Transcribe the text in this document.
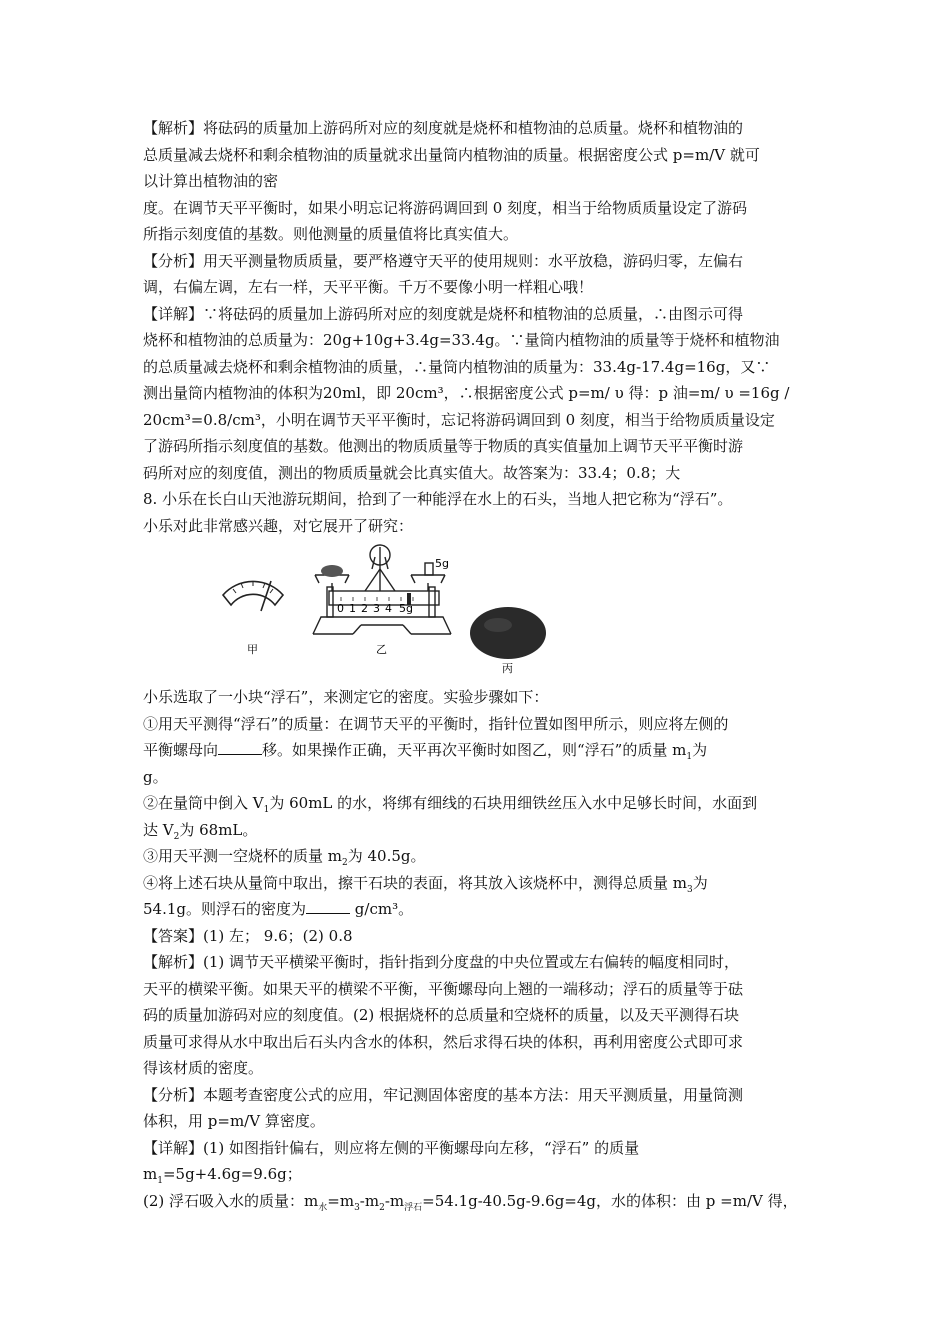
【解析】将砝码的质量加上游码所对应的刻度就是烧杯和植物油的总质量。烧杯和植物油的
总质量减去烧杯和剩余植物油的质量就求出量筒内植物油的质量。根据密度公式 p=m/V 就可
以计算出植物油的密
度。在调节天平平衡时，如果小明忘记将游码调回到 0 刻度，相当于给物质质量设定了游码
所指示刻度值的基数。则他测量的质量值将比真实值大。
【分析】用天平测量物质质量，要严格遵守天平的使用规则：水平放稳，游码归零，左偏右
调，右偏左调，左右一样，天平平衡。千万不要像小明一样粗心哦！
【详解】∵将砝码的质量加上游码所对应的刻度就是烧杯和植物油的总质量，∴由图示可得
烧杯和植物油的总质量为：20g+10g+3.4g=33.4g。∵量筒内植物油的质量等于烧杯和植物油
的总质量减去烧杯和剩余植物油的质量，∴量筒内植物油的质量为：33.4g-17.4g=16g，又∵
测出量筒内植物油的体积为20ml，即 20cm³，∴根据密度公式 p=m/ υ 得：p 油=m/ υ =16g /
20cm³=0.8/cm³，小明在调节天平平衡时，忘记将游码调回到 0 刻度，相当于给物质质量设定
了游码所指示刻度值的基数。他测出的物质质量等于物质的真实值量加上调节天平平衡时游
码所对应的刻度值，测出的物质质量就会比真实值大。故答案为：33.4；0.8；大
8. 小乐在长白山天池游玩期间，拾到了一种能浮在水上的石头，当地人把它称为“浮石”。
小乐对此非常感兴趣，对它展开了研究：
甲
0 1 2 3 4 5g
5g
乙
丙
小乐选取了一小块“浮石”，来测定它的密度。实验步骤如下：
①用天平测得“浮石”的质量：在调节天平的平衡时，指针位置如图甲所示，则应将左侧的
平衡螺母向	移。如果操作正确，天平再次平衡时如图乙，则“浮石”的质量 $m_1$为
g。
②在量筒中倒入 $V_1$为 60mL 的水，将绑有细线的石块用细铁丝压入水中足够长时间，水面到
达 $V_2$为 68mL。
③用天平测一空烧杯的质量 $m_2$为 40.5g。
④将上述石块从量筒中取出，擦干石块的表面，将其放入该烧杯中，测得总质量 $m_3$为
54.1g。则浮石的密度为	g/cm³。
【答案】(1) 左； 9.6；(2) 0.8
【解析】(1) 调节天平横梁平衡时，指针指到分度盘的中央位置或左右偏转的幅度相同时，
天平的横梁平衡。如果天平的横梁不平衡，平衡螺母向上翘的一端移动；浮石的质量等于砝
码的质量加游码对应的刻度值。(2) 根据烧杯的总质量和空烧杯的质量，以及天平测得石块
质量可求得从水中取出后石头内含水的体积，然后求得石块的体积，再利用密度公式即可求
得该材质的密度。
【分析】本题考查密度公式的应用，牢记测固体密度的基本方法：用天平测质量，用量筒测
体积，用 p=m/V 算密度。
【详解】(1) 如图指针偏右，则应将左侧的平衡螺母向左移，“浮石” 的质量
$m_1=5g+4.6g=9.6g$；
(2) 浮石吸入水的质量：$m_水=m_3-m_2-m_{浮石}=54.1g-40.5g-9.6g=4g$，水的体积：由 p =m/V 得，
